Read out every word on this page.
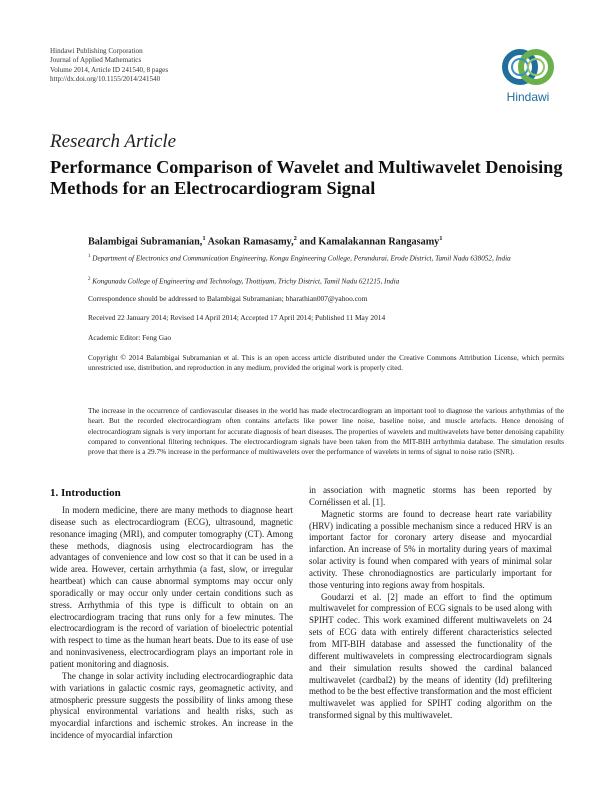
Hindawi Publishing Corporation
Journal of Applied Mathematics
Volume 2014, Article ID 241540, 8 pages
http://dx.doi.org/10.1155/2014/241540
Hindawi
Research Article
Performance Comparison of Wavelet and Multiwavelet Denoising Methods for an Electrocardiogram Signal
Balambigai Subramanian,$^1$ Asokan Ramasamy,$^2$ and Kamalakannan Rangasamy$^1$
$^1$ Department of Electronics and Communication Engineering, Kongu Engineering College, Perundurai, Erode District, Tamil Nadu 638052, India
$^2$ Kongunadu College of Engineering and Technology, Thottiyam, Trichy District, Tamil Nadu 621215, India
Correspondence should be addressed to Balambigai Subramanian; bharathian007@yahoo.com
Received 22 January 2014; Revised 14 April 2014; Accepted 17 April 2014; Published 11 May 2014
Academic Editor: Feng Gao
Copyright © 2014 Balambigai Subramanian et al. This is an open access article distributed under the Creative Commons Attribution License, which permits unrestricted use, distribution, and reproduction in any medium, provided the original work is properly cited.
The increase in the occurrence of cardiovascular diseases in the world has made electrocardiogram an important tool to diagnose the various arrhythmias of the heart. But the recorded electrocardiogram often contains artefacts like power line noise, baseline noise, and muscle artefacts. Hence denoising of electrocardiogram signals is very important for accurate diagnosis of heart diseases. The properties of wavelets and multiwavelets have better denoising capability compared to conventional filtering techniques. The electrocardiogram signals have been taken from the MIT-BIH arrhythmia database. The simulation results prove that there is a 29.7% increase in the performance of multiwavelets over the performance of wavelets in terms of signal to noise ratio (SNR).
1. Introduction

In modern medicine, there are many methods to diagnose heart disease such as electrocardiogram (ECG), ultrasound, magnetic resonance imaging (MRI), and computer tomography (CT). Among these methods, diagnosis using electrocardiogram has the advantages of convenience and low cost so that it can be used in a wide area. However, certain arrhythmia (a fast, slow, or irregular heartbeat) which can cause abnormal symptoms may occur only sporadically or may occur only under certain conditions such as stress. Arrhythmia of this type is difficult to obtain on an electrocardiogram tracing that runs only for a few minutes. The electrocardiogram is the record of variation of bioelectric potential with respect to time as the human heart beats. Due to its ease of use and noninvasiveness, electrocardiogram plays an important role in patient monitoring and diagnosis.

The change in solar activity including electrocardiographic data with variations in galactic cosmic rays, geomagnetic activity, and atmospheric pressure suggests the possibility of links among these physical environmental variations and health risks, such as myocardial infarctions and ischemic strokes. An increase in the incidence of myocardial infarction

in association with magnetic storms has been reported by Cornélissen et al. [1].

Magnetic storms are found to decrease heart rate variability (HRV) indicating a possible mechanism since a reduced HRV is an important factor for coronary artery disease and myocardial infarction. An increase of 5% in mortality during years of maximal solar activity is found when compared with years of minimal solar activity. These chronodiagnostics are particularly important for those venturing into regions away from hospitals.

Goudarzi et al. [2] made an effort to find the optimum multiwavelet for compression of ECG signals to be used along with SPIHT codec. This work examined different multiwavelets on 24 sets of ECG data with entirely different characteristics selected from MIT-BIH database and assessed the functionality of the different multiwavelets in compressing electrocardiogram signals and their simulation results showed the cardinal balanced multiwavelet (cardbal2) by the means of identity (Id) prefiltering method to be the best effective transformation and the most efficient multiwavelet was applied for SPIHT coding algorithm on the transformed signal by this multiwavelet.
